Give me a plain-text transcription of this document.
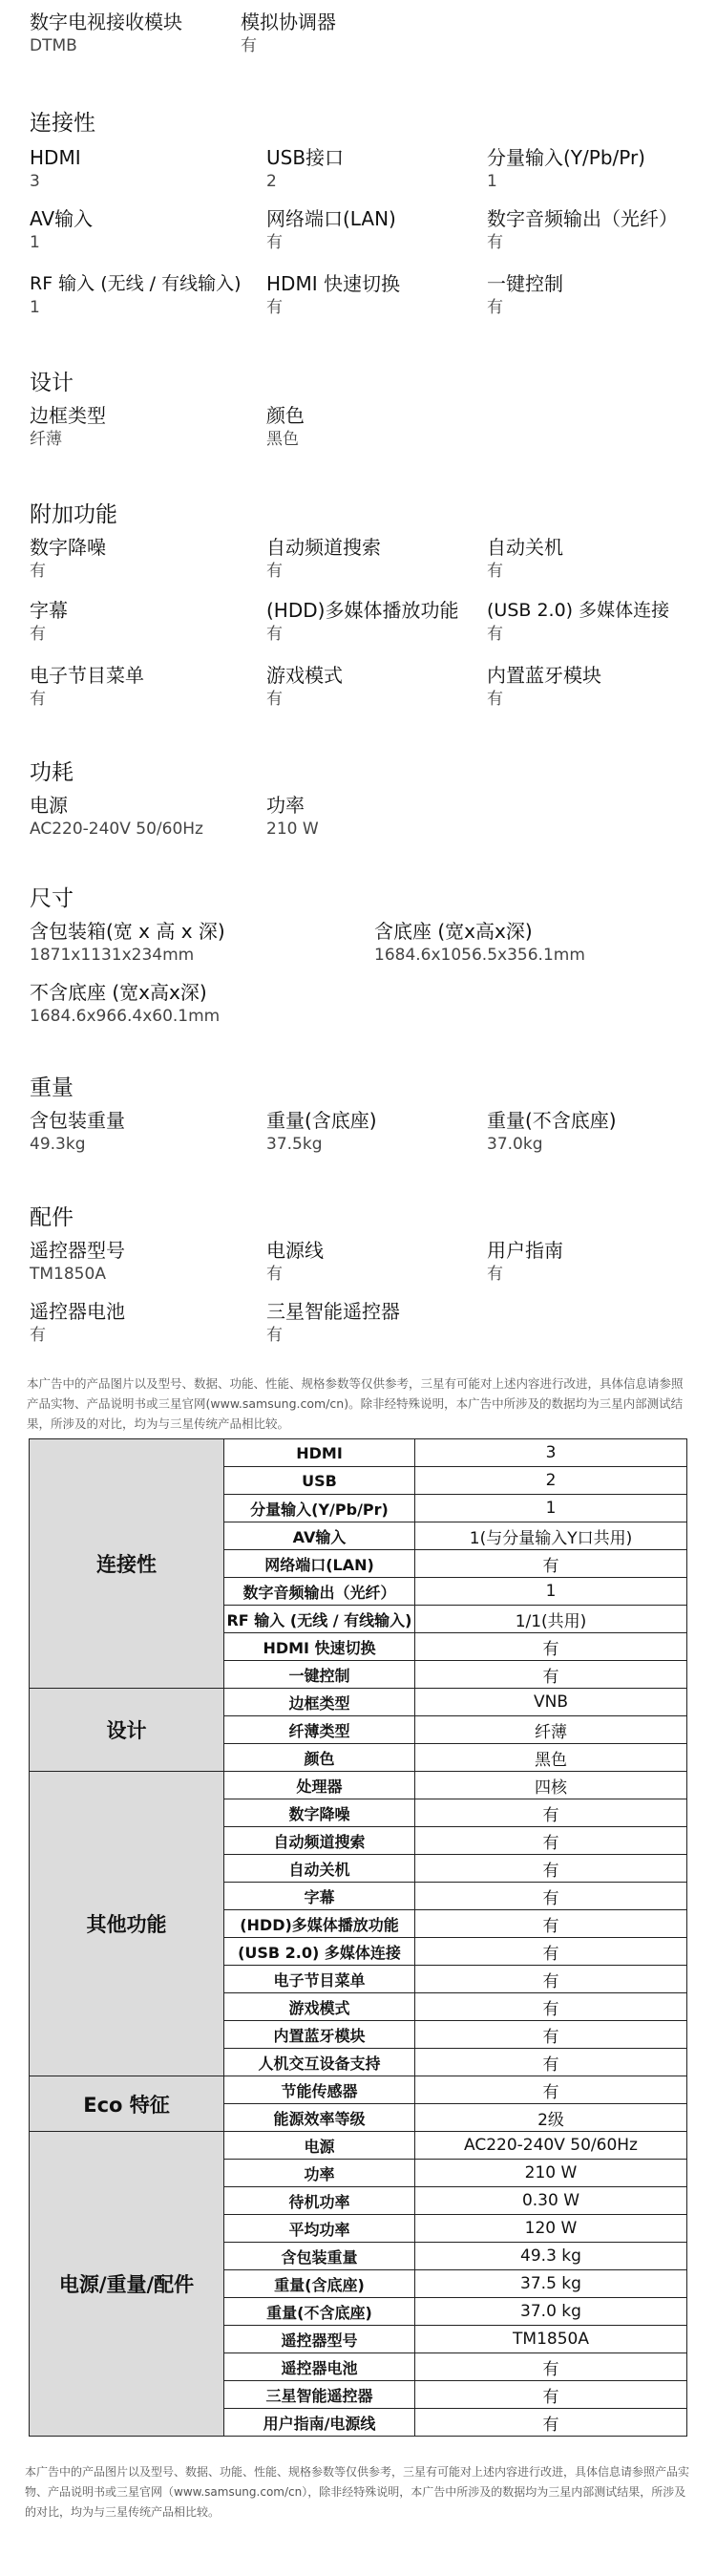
数字电视接收模块
DTMB
模拟协调器
有
连接性
HDMI
3
USB接口
2
分量输入(Y/Pb/Pr)
1
AV输入
1
网络端口(LAN)
有
数字音频输出（光纤）
有
RF 输入 (无线 / 有线输入)
1
HDMI 快速切换
有
一键控制
有
设计
边框类型
纤薄
颜色
黑色
附加功能
数字降噪
有
自动频道搜索
有
自动关机
有
字幕
有
(HDD)多媒体播放功能
有
(USB 2.0) 多媒体连接
有
电子节目菜单
有
游戏模式
有
内置蓝牙模块
有
功耗
电源
AC220-240V 50/60Hz
功率
210 W
尺寸
含包装箱(宽 x 高 x 深)
1871x1131x234mm
含底座 (宽x高x深)
1684.6x1056.5x356.1mm
不含底座 (宽x高x深)
1684.6x966.4x60.1mm
重量
含包装重量
49.3kg
重量(含底座)
37.5kg
重量(不含底座)
37.0kg
配件
遥控器型号
TM1850A
电源线
有
用户指南
有
遥控器电池
有
三星智能遥控器
有

本广告中的产品图片以及型号、数据、功能、性能、规格参数等仅供参考，三星有可能对上述内容进行改进，具体信息请参照产品实物、产品说明书或三星官网(www.samsung.com/cn)。除非经特殊说明，本广告中所涉及的数据均为三星内部测试结果，所涉及的对比，均为与三星传统产品相比较。

连接性	HDMI	3
	USB	2
	分量输入(Y/Pb/Pr)	1
	AV输入	1(与分量输入Y口共用)
	网络端口(LAN)	有
	数字音频输出（光纤）	1
	RF 输入 (无线 / 有线输入)	1/1(共用)
	HDMI 快速切换	有
	一键控制	有
设计	边框类型	VNB
	纤薄类型	纤薄
	颜色	黑色
其他功能	处理器	四核
	数字降噪	有
	自动频道搜索	有
	自动关机	有
	字幕	有
	(HDD)多媒体播放功能	有
	(USB 2.0) 多媒体连接	有
	电子节目菜单	有
	游戏模式	有
	内置蓝牙模块	有
	人机交互设备支持	有
Eco 特征	节能传感器	有
	能源效率等级	2级
电源/重量/配件	电源	AC220-240V 50/60Hz
	功率	210 W
	待机功率	0.30 W
	平均功率	120 W
	含包装重量	49.3 kg
	重量(含底座)	37.5 kg
	重量(不含底座)	37.0 kg
	遥控器型号	TM1850A
	遥控器电池	有
	三星智能遥控器	有
	用户指南/电源线	有

本广告中的产品图片以及型号、数据、功能、性能、规格参数等仅供参考，三星有可能对上述内容进行改进，具体信息请参照产品实物、产品说明书或三星官网（www.samsung.com/cn），除非经特殊说明，本广告中所涉及的数据均为三星内部测试结果，所涉及的对比，均为与三星传统产品相比较。
